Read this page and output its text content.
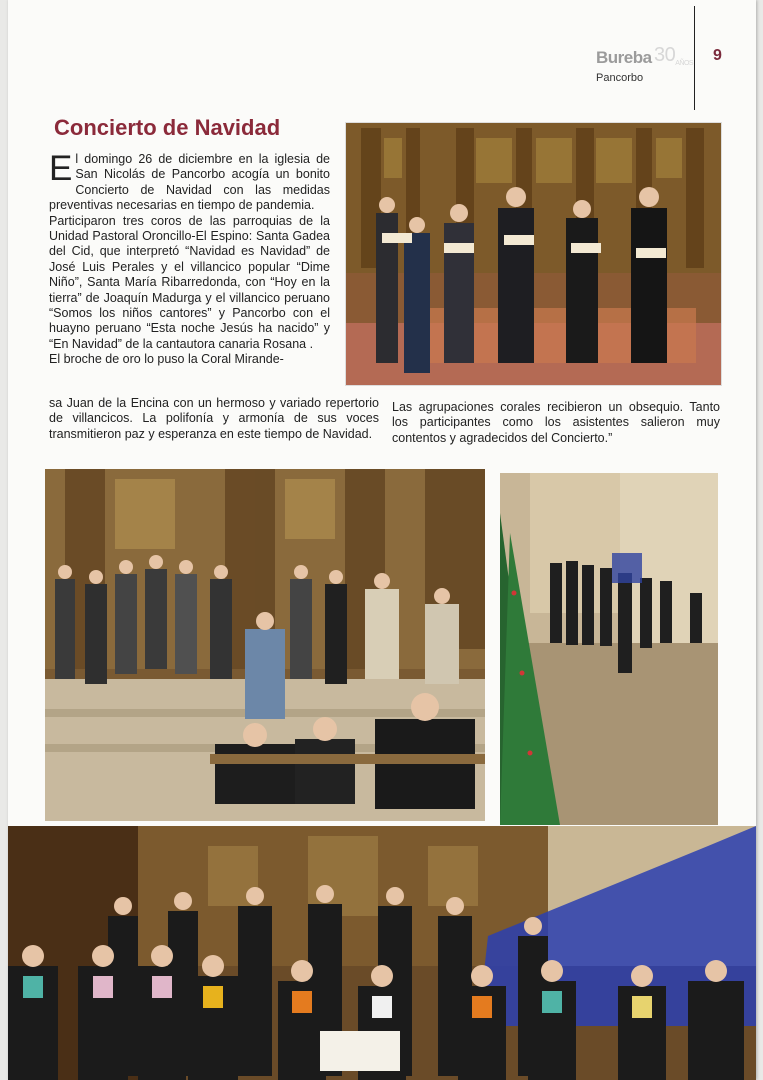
Bureba 30AÑOS
Pancorbo
9
Concierto de Navidad

El domingo 26 de diciembre en la iglesia de San Nicolás de Pancorbo acogía un bonito Concierto de Navidad con las medidas preventivas necesarias en tiempo de pandemia.

Participaron tres coros de las parroquias de la Unidad Pastoral Oroncillo-El Espino: Santa Gadea del Cid, que interpretó “Navidad es Navidad” de José Luis Perales y el villancico popular “Dime Niño”, Santa María Ribarredonda, con “Hoy en la tierra” de Joaquín Madurga y el villancico peruano “Somos los niños cantores” y Pancorbo con el huayno peruano “Esta noche Jesús ha nacido” y “En Navidad” de la cantautora canaria Rosana .

El broche de oro lo puso la Coral Mirande-

sa Juan de la Encina con un hermoso y variado repertorio de villancicos. La polifonía y armonía de sus voces transmitieron paz y esperanza en este tiempo de Navidad.

Las agrupaciones corales recibieron un obsequio. Tanto los participantes como los asistentes salieron muy contentos y agradecidos del Concierto.”
